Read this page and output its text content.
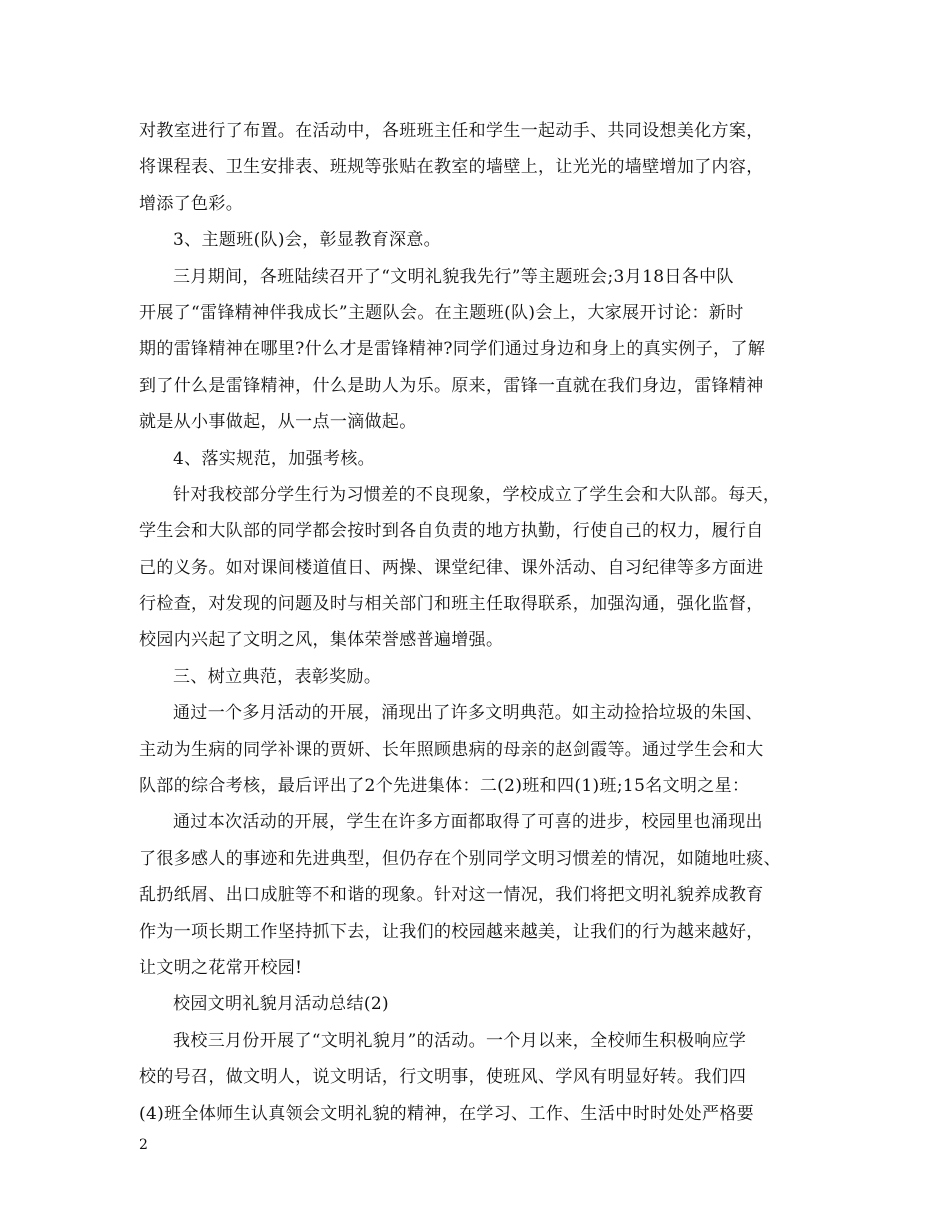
对教室进行了布置。在活动中，各班班主任和学生一起动手、共同设想美化方案，
将课程表、卫生安排表、班规等张贴在教室的墙壁上，让光光的墙壁增加了内容，
增添了色彩。
3、主题班(队)会，彰显教育深意。
三月期间，各班陆续召开了“文明礼貌我先行”等主题班会;3月18日各中队
开展了“雷锋精神伴我成长”主题队会。在主题班(队)会上，大家展开讨论：新时
期的雷锋精神在哪里?什么才是雷锋精神?同学们通过身边和身上的真实例子，了解
到了什么是雷锋精神，什么是助人为乐。原来，雷锋一直就在我们身边，雷锋精神
就是从小事做起，从一点一滴做起。
4、落实规范，加强考核。
针对我校部分学生行为习惯差的不良现象，学校成立了学生会和大队部。每天，
学生会和大队部的同学都会按时到各自负责的地方执勤，行使自己的权力，履行自
己的义务。如对课间楼道值日、两操、课堂纪律、课外活动、自习纪律等多方面进
行检查，对发现的问题及时与相关部门和班主任取得联系，加强沟通，强化监督，
校园内兴起了文明之风，集体荣誉感普遍增强。
三、树立典范，表彰奖励。
通过一个多月活动的开展，涌现出了许多文明典范。如主动捡拾垃圾的朱国、
主动为生病的同学补课的贾妍、长年照顾患病的母亲的赵剑霞等。通过学生会和大
队部的综合考核，最后评出了2个先进集体：二(2)班和四(1)班;15名文明之星：
通过本次活动的开展，学生在许多方面都取得了可喜的进步，校园里也涌现出
了很多感人的事迹和先进典型，但仍存在个别同学文明习惯差的情况，如随地吐痰、
乱扔纸屑、出口成脏等不和谐的现象。针对这一情况，我们将把文明礼貌养成教育
作为一项长期工作坚持抓下去，让我们的校园越来越美，让我们的行为越来越好，
让文明之花常开校园!
校园文明礼貌月活动总结(2)
我校三月份开展了“文明礼貌月”的活动。一个月以来，全校师生积极响应学
校的号召，做文明人，说文明话，行文明事，使班风、学风有明显好转。我们四
(4)班全体师生认真领会文明礼貌的精神，在学习、工作、生活中时时处处严格要
2
